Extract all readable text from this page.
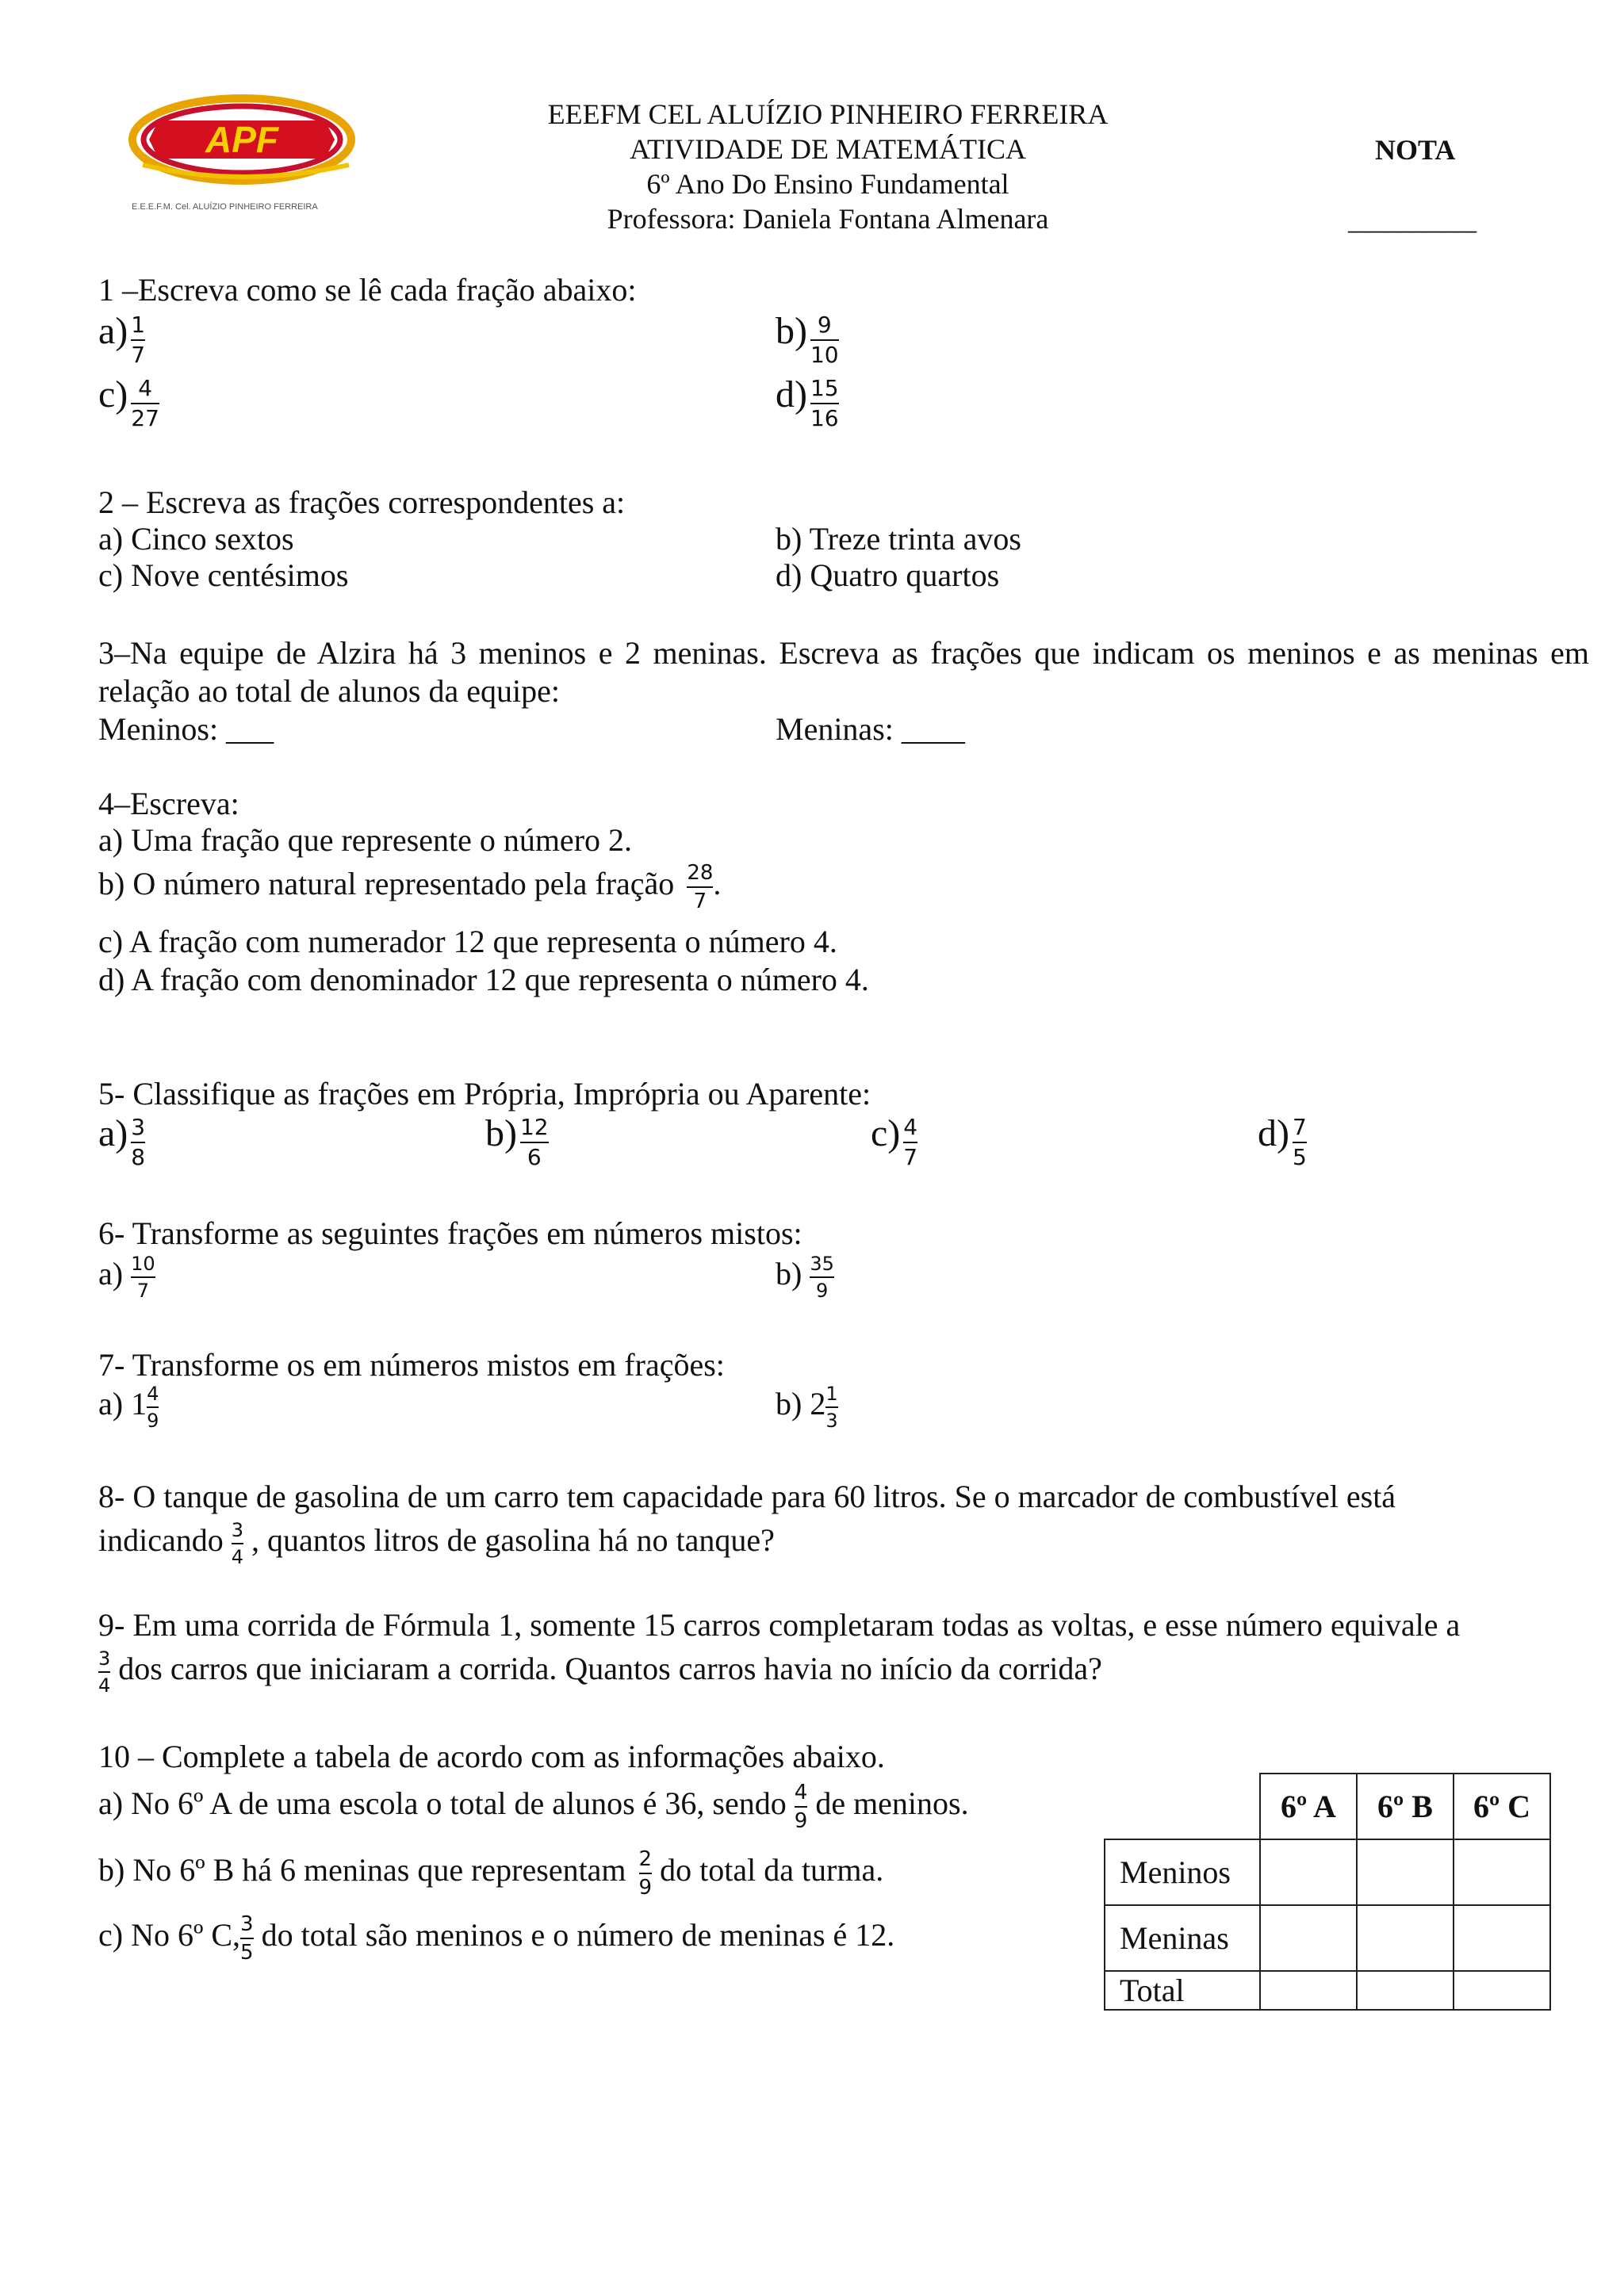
APF
E.E.E.F.M. Cel. ALUÍZIO PINHEIRO FERREIRA
EEEFM CEL ALUÍZIO PINHEIRO FERREIRA
ATIVIDADE DE MATEMÁTICA
6º Ano Do Ensino Fundamental
Professora: Daniela Fontana Almenara
NOTA
_________
1 –Escreva como se lê cada fração abaixo:
$a) \frac{1}{7}$	$b) \frac{9}{10}$
$c) \frac{4}{27}$	$d) \frac{15}{16}$
2 – Escreva as frações correspondentes a:
a) Cinco sextos	b) Treze trinta avos
c) Nove centésimos	d) Quatro quartos
3–Na equipe de Alzira há 3 meninos e 2 meninas. Escreva as frações que indicam os meninos e as meninas em relação ao total de alunos da equipe:
Meninos: ___	Meninas: ____
4–Escreva:
a) Uma fração que represente o número 2.
b) O número natural representado pela fração $\frac{28}{7}$ .
c) A fração com numerador 12 que representa o número 4.
d) A fração com denominador 12 que representa o número 4.
5- Classifique as frações em Própria, Imprópria ou Aparente:
$a) \frac{3}{8}$	$b) \frac{12}{6}$	$c) \frac{4}{7}$	$d) \frac{7}{5}$
6- Transforme as seguintes frações em números mistos:
$a) \frac{10}{7}$	$b) \frac{35}{9}$
7- Transforme os em números mistos em frações:
a) $1 \frac{4}{9}$	b) $2 \frac{1}{3}$
8- O tanque de gasolina de um carro tem capacidade para 60 litros. Se o marcador de combustível está
indicando $\frac{3}{4}$ , quantos litros de gasolina há no tanque?
9- Em uma corrida de Fórmula 1, somente 15 carros completaram todas as voltas, e esse número equivale a
$\frac{3}{4}$ dos carros que iniciaram a corrida. Quantos carros havia no início da corrida?
10 – Complete a tabela de acordo com as informações abaixo.
a) No 6º A de uma escola o total de alunos é 36, sendo $\frac{4}{9}$ de meninos.
b) No 6º B há 6 meninas que representam $\frac{2}{9}$ do total da turma.
c) No 6º C, $\frac{3}{5}$ do total são meninos e o número de meninas é 12.
	6º A	6º B	6º C
Meninos			
Meninas			
Total			
